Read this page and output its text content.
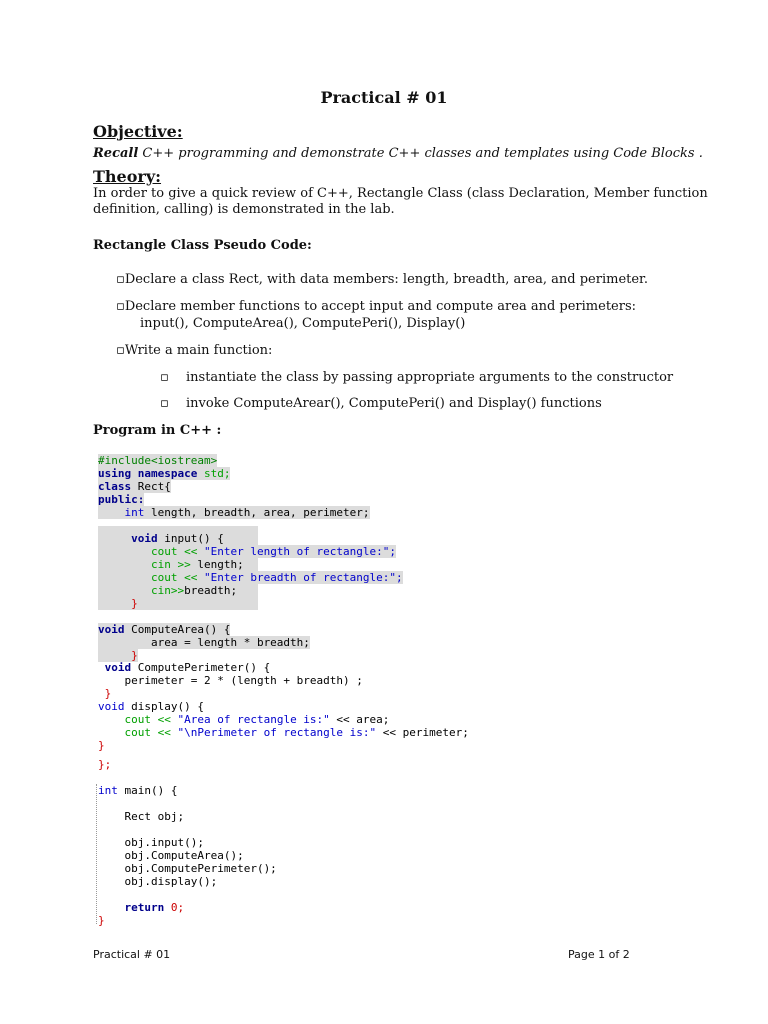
Practical # 01
Objective:
Recall C++ programming and demonstrate C++ classes and templates using Code Blocks .
Theory:
In order to give a quick review of C++, Rectangle Class (class Declaration, Member function
definition, calling) is demonstrated in the lab.
Rectangle Class Pseudo Code:
▫Declare a class Rect, with data members: length, breadth, area, and perimeter.
▫Declare member functions to accept input and compute area and perimeters:
input(), ComputeArea(), ComputePeri(), Display()
▫Write a main function:
▫ instantiate the class by passing appropriate arguments to the constructor
▫ invoke ComputeArear(), ComputePeri() and Display() functions
Program in C++ :
#include<iostream>
using namespace std;
class Rect{
public:
int length, breadth, area, perimeter;
void input() {
cout << "Enter length of rectangle:";
cin >> length;
cout << "Enter breadth of rectangle:";
cin>>breadth;
}
void ComputeArea() {
area = length * breadth;
}
void ComputePerimeter() {
perimeter = 2 * (length + breadth) ;
}
void display() {
cout << "Area of rectangle is:" << area;
cout << "\nPerimeter of rectangle is:" << perimeter;
}
};
int main() {
Rect obj;
obj.input();
obj.ComputeArea();
obj.ComputePerimeter();
obj.display();
return 0;
}
Practical # 01	Page 1 of 2
